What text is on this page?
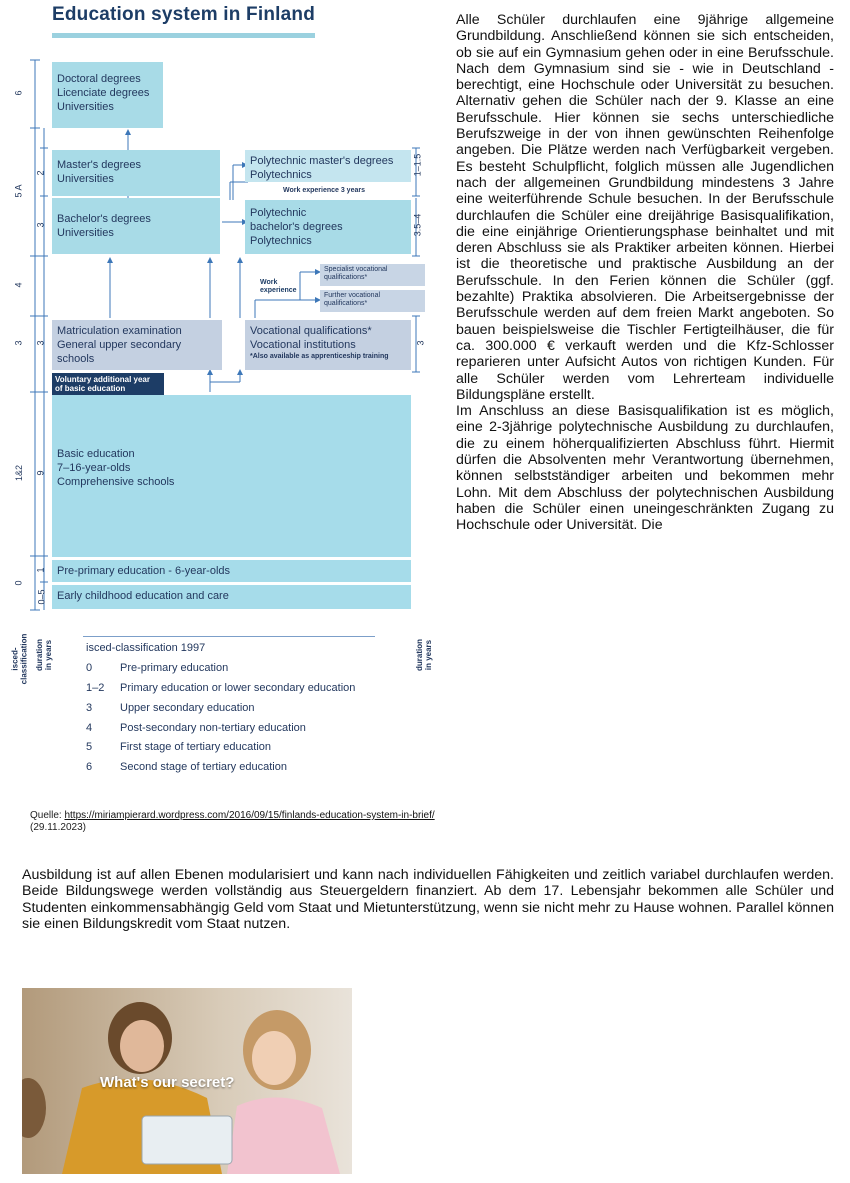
Education system in Finland
Doctoral degrees
Licenciate degrees
Universities
Master's degrees
Universities
Polytechnic master's degrees
Polytechnics
Work experience 3 years
Bachelor's degrees
Universities
Polytechnic
bachelor's degrees
Polytechnics
Work
experience
Specialist vocational
qualifications*
Further vocational
qualifications*
Matriculation examination
General upper secondary
schools
Vocational qualifications*
Vocational institutions
*Also available as apprenticeship training
Voluntary additional year
of basic education
Basic education
7–16-year-olds
Comprehensive schools
Pre-primary education - 6-year-olds
Early childhood education and care
6
5 A
4
3
1&2
0
2
3
3
9
1
0–5
1–1.5
3.5–4
3
isced- classification duration in years	duration in years
isced-classification 1997
0	Pre-primary education
1–2 Primary education or lower secondary education
3	Upper secondary education
4	Post-secondary non-tertiary education
5	First stage of tertiary education
6	Second stage of tertiary education
Quelle: https://miriampierard.wordpress.com/2016/09/15/finlands-education-system-in-brief/ (29.11.2023)

Alle Schüler durchlaufen eine 9jährige allgemeine Grundbildung. Anschließend können sie sich entscheiden, ob sie auf ein Gymnasium gehen oder in eine Berufsschule. Nach dem Gymnasium sind sie - wie in Deutschland - berechtigt, eine Hochschule oder Universität zu besuchen. Alternativ gehen die Schüler nach der 9. Klasse an eine Berufsschule. Hier können sie sechs unterschiedliche Berufszweige in der von ihnen gewünschten Reihenfolge angeben. Die Plätze werden nach Verfügbarkeit vergeben. Es besteht Schulpflicht, folglich müssen alle Jugendlichen nach der allgemeinen Grundbildung mindestens 3 Jahre eine weiterführende Schule besuchen. In der Berufsschule durchlaufen die Schüler eine dreijährige Basisqualifikation, die eine einjährige Orientierungsphase beinhaltet und mit deren Abschluss sie als Praktiker arbeiten können. Hierbei ist die theoretische und praktische Ausbildung an der Berufsschule. In den Ferien können die Schüler (ggf. bezahlte) Praktika absolvieren. Die Arbeitsergebnisse der Berufsschule werden auf dem freien Markt angeboten. So bauen beispielsweise die Tischler Fertigteilhäuser, die für ca. 300.000 € verkauft werden und die Kfz-Schlosser reparieren unter Aufsicht Autos von richtigen Kunden. Für alle Schüler werden vom Lehrerteam individuelle Bildungspläne erstellt.

Im Anschluss an diese Basisqualifikation ist es möglich, eine 2-3jährige polytechnische Ausbildung zu durchlaufen, die zu einem höherqualifizierten Abschluss führt. Hiermit dürfen die Absolventen mehr Verantwortung übernehmen, können selbstständiger arbeiten und bekommen mehr Lohn. Mit dem Abschluss der polytechnischen Ausbildung haben die Schüler einen uneingeschränkten Zugang zu Hochschule oder Universität. Die

Ausbildung ist auf allen Ebenen modularisiert und kann nach individuellen Fähigkeiten und zeitlich variabel durchlaufen werden. Beide Bildungswege werden vollständig aus Steuergeldern finanziert. Ab dem 17. Lebensjahr bekommen alle Schüler und Studenten einkommensabhängig Geld vom Staat und Mietunterstützung, wenn sie nicht mehr zu Hause wohnen. Parallel können sie einen Bildungskredit vom Staat nutzen.

What's our secret?
